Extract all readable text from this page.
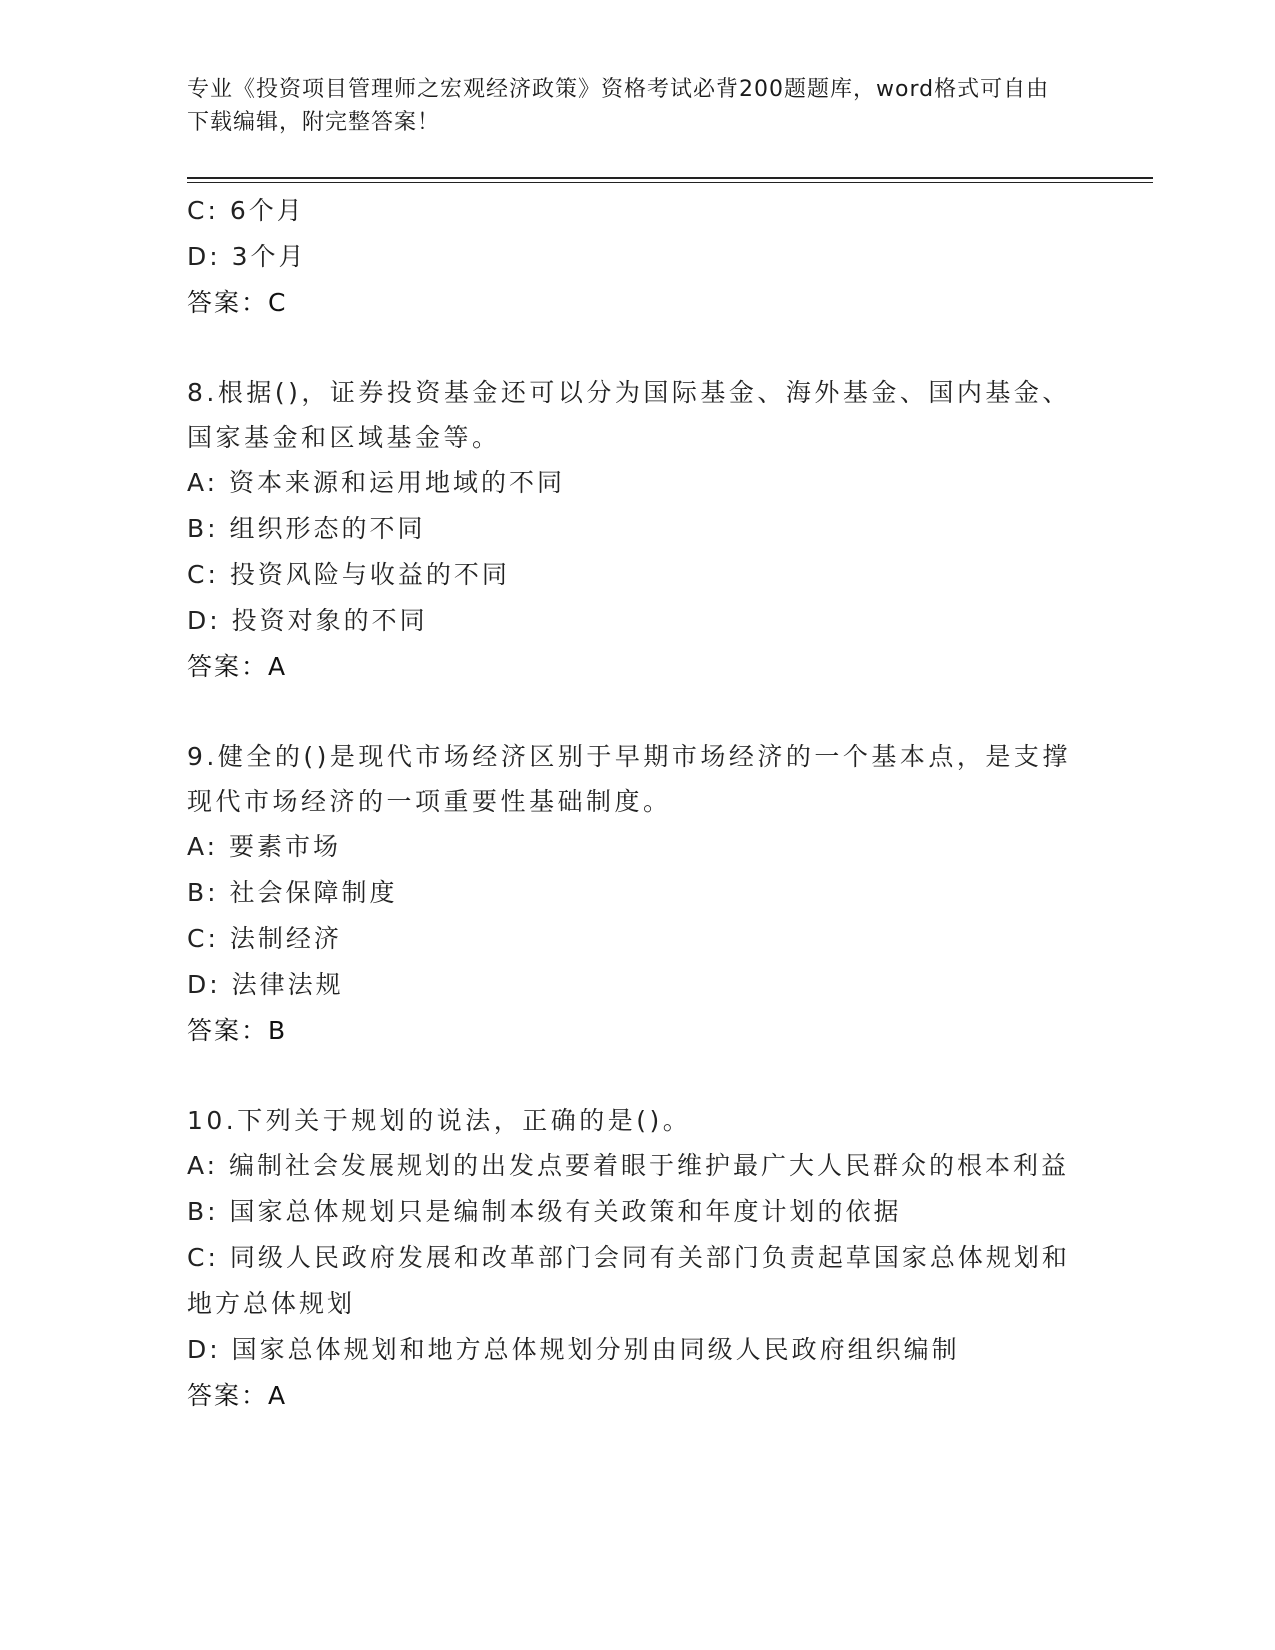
专业《投资项目管理师之宏观经济政策》资格考试必背200题题库，word格式可自由下载编辑，附完整答案！
C: 6个月
D: 3个月
答案：C
8.根据()，证券投资基金还可以分为国际基金、海外基金、国内基金、国家基金和区域基金等。
A: 资本来源和运用地域的不同
B: 组织形态的不同
C: 投资风险与收益的不同
D: 投资对象的不同
答案：A
9.健全的()是现代市场经济区别于早期市场经济的一个基本点，是支撑现代市场经济的一项重要性基础制度。
A: 要素市场
B: 社会保障制度
C: 法制经济
D: 法律法规
答案：B
10.下列关于规划的说法，正确的是()。
A: 编制社会发展规划的出发点要着眼于维护最广大人民群众的根本利益
B: 国家总体规划只是编制本级有关政策和年度计划的依据
C: 同级人民政府发展和改革部门会同有关部门负责起草国家总体规划和地方总体规划
D: 国家总体规划和地方总体规划分别由同级人民政府组织编制
答案：A
